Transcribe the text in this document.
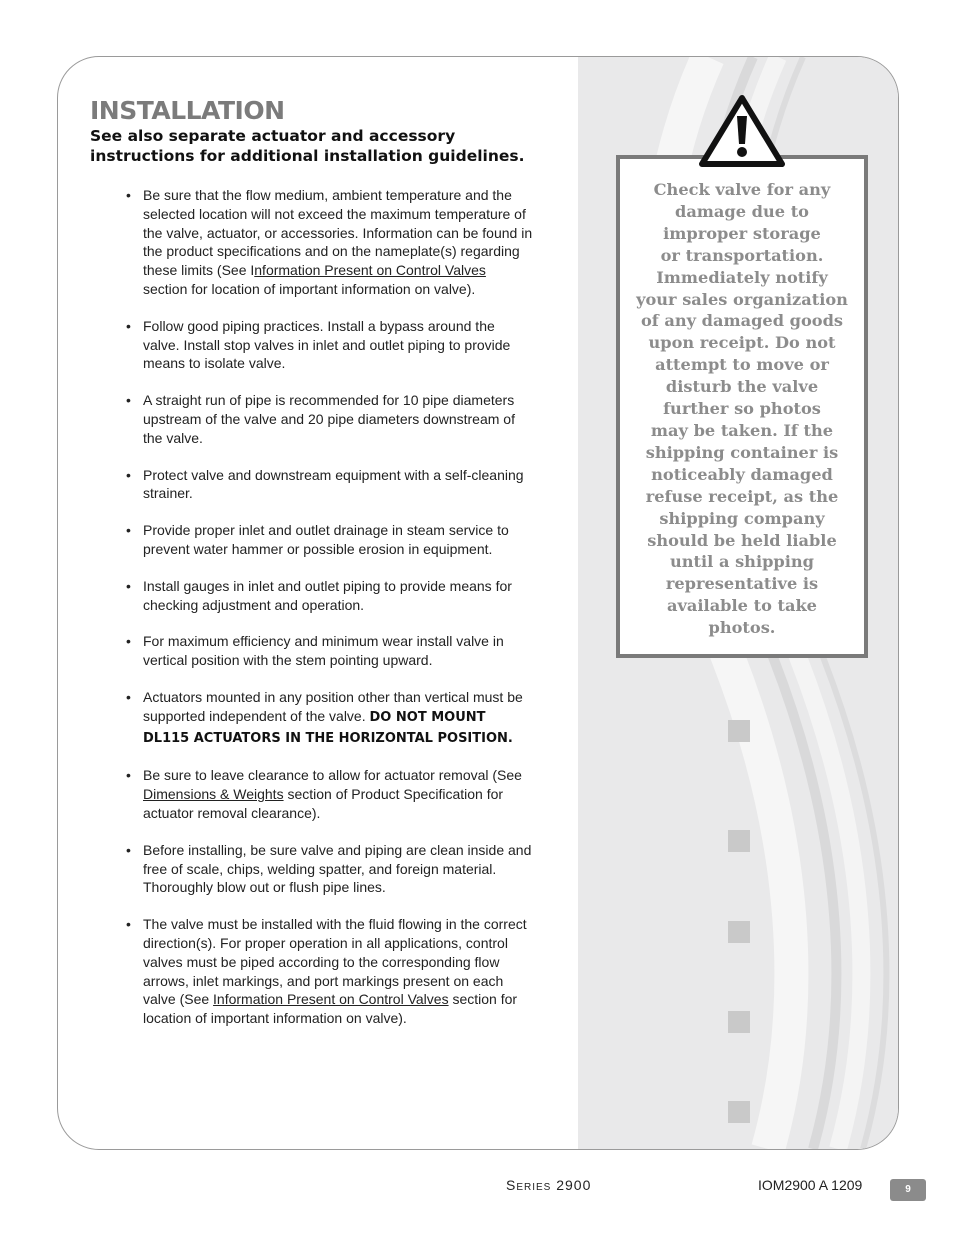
INSTALLATION

See also separate actuator and accessory instructions for additional installation guidelines.

• Be sure that the flow medium, ambient temperature and the selected location will not exceed the maximum temperature of the valve, actuator, or accessories. Information can be found in the product specifications and on the nameplate(s) regarding these limits (See Information Present on Control Valves section for location of important information on valve).
• Follow good piping practices. Install a bypass around the valve. Install stop valves in inlet and outlet piping to provide means to isolate valve.
• A straight run of pipe is recommended for 10 pipe diameters upstream of the valve and 20 pipe diameters downstream of the valve.
• Protect valve and downstream equipment with a self-cleaning strainer.
• Provide proper inlet and outlet drainage in steam service to prevent water hammer or possible erosion in equipment.
• Install gauges in inlet and outlet piping to provide means for checking adjustment and operation.
• For maximum efficiency and minimum wear install valve in vertical position with the stem pointing upward.
• Actuators mounted in any position other than vertical must be supported independent of the valve. DO NOT MOUNT DL115 ACTUATORS IN THE HORIZONTAL POSITION.
• Be sure to leave clearance to allow for actuator removal (See Dimensions & Weights section of Product Specification for actuator removal clearance).
• Before installing, be sure valve and piping are clean inside and free of scale, chips, welding spatter, and foreign material. Thoroughly blow out or flush pipe lines.
• The valve must be installed with the fluid flowing in the correct direction(s). For proper operation in all applications, control valves must be piped according to the corresponding flow arrows, inlet markings, and port markings present on each valve (See Information Present on Control Valves section for location of important information on valve).

Check valve for any
damage due to
improper storage
or transportation.
Immediately notify
your sales organization
of any damaged goods
upon receipt. Do not
attempt to move or
disturb the valve
further so photos
may be taken. If the
shipping container is
noticeably damaged
refuse receipt, as the
shipping company
should be held liable
until a shipping
representative is
available to take
photos.

Series 2900	IOM2900 A 1209	9
